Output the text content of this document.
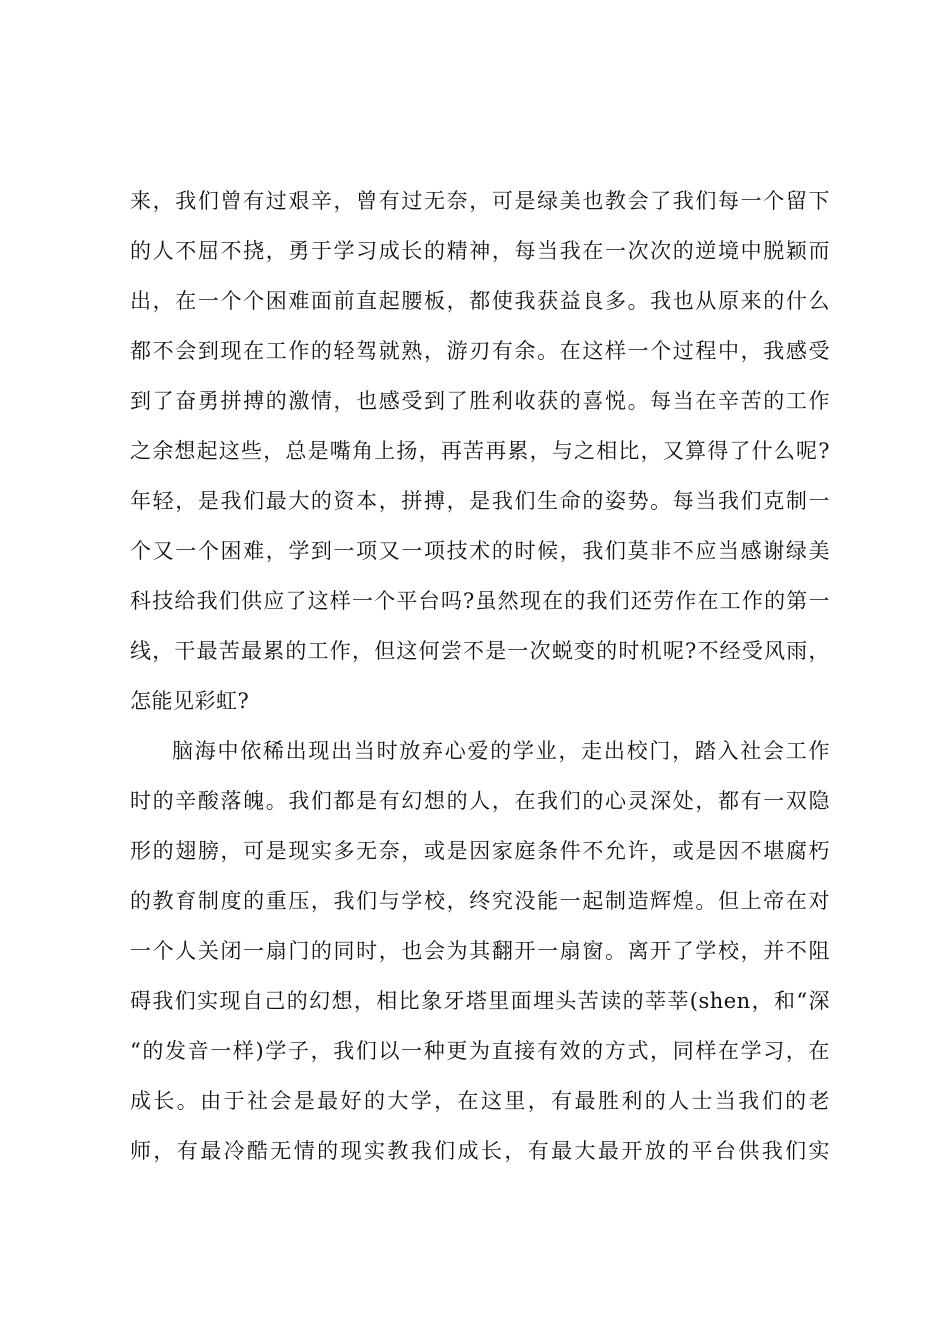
来，我们曾有过艰辛，曾有过无奈，可是绿美也教会了我们每一个留下
的人不屈不挠，勇于学习成长的精神，每当我在一次次的逆境中脱颖而
出，在一个个困难面前直起腰板，都使我获益良多。我也从原来的什么
都不会到现在工作的轻驾就熟，游刃有余。在这样一个过程中，我感受
到了奋勇拼搏的激情，也感受到了胜利收获的喜悦。每当在辛苦的工作
之余想起这些，总是嘴角上扬，再苦再累，与之相比，又算得了什么呢?
年轻，是我们最大的资本，拼搏，是我们生命的姿势。每当我们克制一
个又一个困难，学到一项又一项技术的时候，我们莫非不应当感谢绿美
科技给我们供应了这样一个平台吗?虽然现在的我们还劳作在工作的第一
线，干最苦最累的工作，但这何尝不是一次蜕变的时机呢?不经受风雨，
怎能见彩虹?
脑海中依稀出现出当时放弃心爱的学业，走出校门，踏入社会工作
时的辛酸落魄。我们都是有幻想的人，在我们的心灵深处，都有一双隐
形的翅膀，可是现实多无奈，或是因家庭条件不允许，或是因不堪腐朽
的教育制度的重压，我们与学校，终究没能一起制造辉煌。但上帝在对
一个人关闭一扇门的同时，也会为其翻开一扇窗。离开了学校，并不阻
碍我们实现自己的幻想，相比象牙塔里面埋头苦读的莘莘(shen，和“深
“的发音一样)学子，我们以一种更为直接有效的方式，同样在学习，在
成长。由于社会是最好的大学，在这里，有最胜利的人士当我们的老
师，有最冷酷无情的现实教我们成长，有最大最开放的平台供我们实
